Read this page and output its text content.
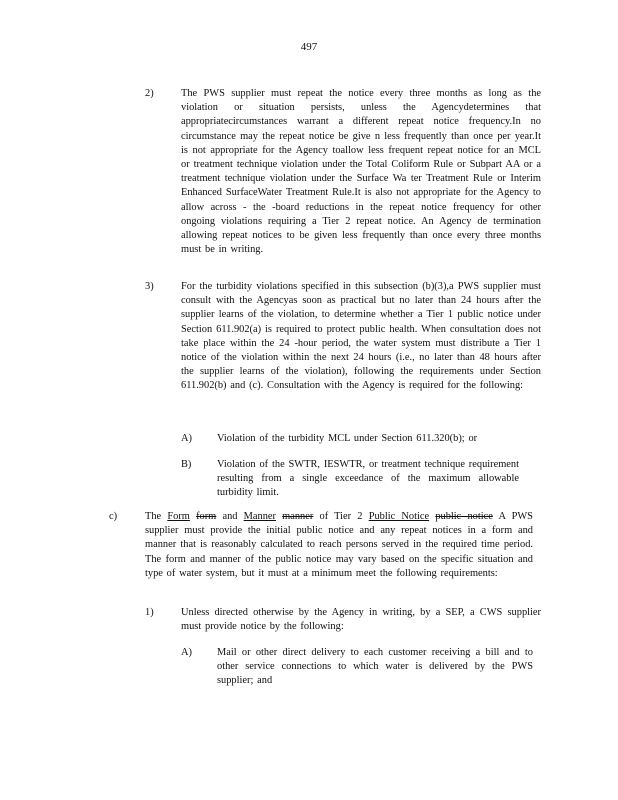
497
2)	The PWS supplier must repeat the notice every three months as long as the violation or situation persists, unless the Agencydetermines that appropriatecircumstances warrant a different repeat notice frequency.In no circumstance may the repeat notice be give n less frequently than once per year.It is not appropriate for the Agency toallow less frequent repeat notice for an MCL or treatment technique violation under the Total Coliform Rule or Subpart AA or a treatment technique violation under the Surface Wa ter Treatment Rule or Interim Enhanced SurfaceWater Treatment Rule.It is also not appropriate for the Agency to allow across - the -board reductions in the repeat notice frequency for other ongoing violations requiring a Tier 2 repeat notice. An Agency de termination allowing repeat notices to be given less frequently than once every three months must be in writing.
3)	For the turbidity violations specified in this subsection (b)(3),a PWS supplier must consult with the Agencyas soon as practical but no later than 24 hours after the supplier learns of the violation, to determine whether a Tier 1 public notice under Section 611.902(a) is required to protect public health. When consultation does not take place within the 24 -hour period, the water system must distribute a Tier 1 notice of the violation within the next 24 hours (i.e., no later than 48 hours after the supplier learns of the violation), following the requirements under Section 611.902(b) and (c). Consultation with the Agency is required for the following:
A) Violation of the turbidity MCL under Section 611.320(b); or
B) Violation of the SWTR, IESWTR, or treatment technique requirement resulting from a single exceedance of the maximum allowable turbidity limit.
c)	The Form form and Manner manner of Tier 2 Public Notice public notice A PWS supplier must provide the initial public notice and any repeat notices in a form and manner that is reasonably calculated to reach persons served in the required time period. The form and manner of the public notice may vary based on the specific situation and type of water system, but it must at a minimum meet the following requirements:
1)	Unless directed otherwise by the Agency in writing, by a SEP, a CWS supplier must provide notice by the following:
A) Mail or other direct delivery to each customer receiving a bill and to other service connections to which water is delivered by the PWS supplier; and
